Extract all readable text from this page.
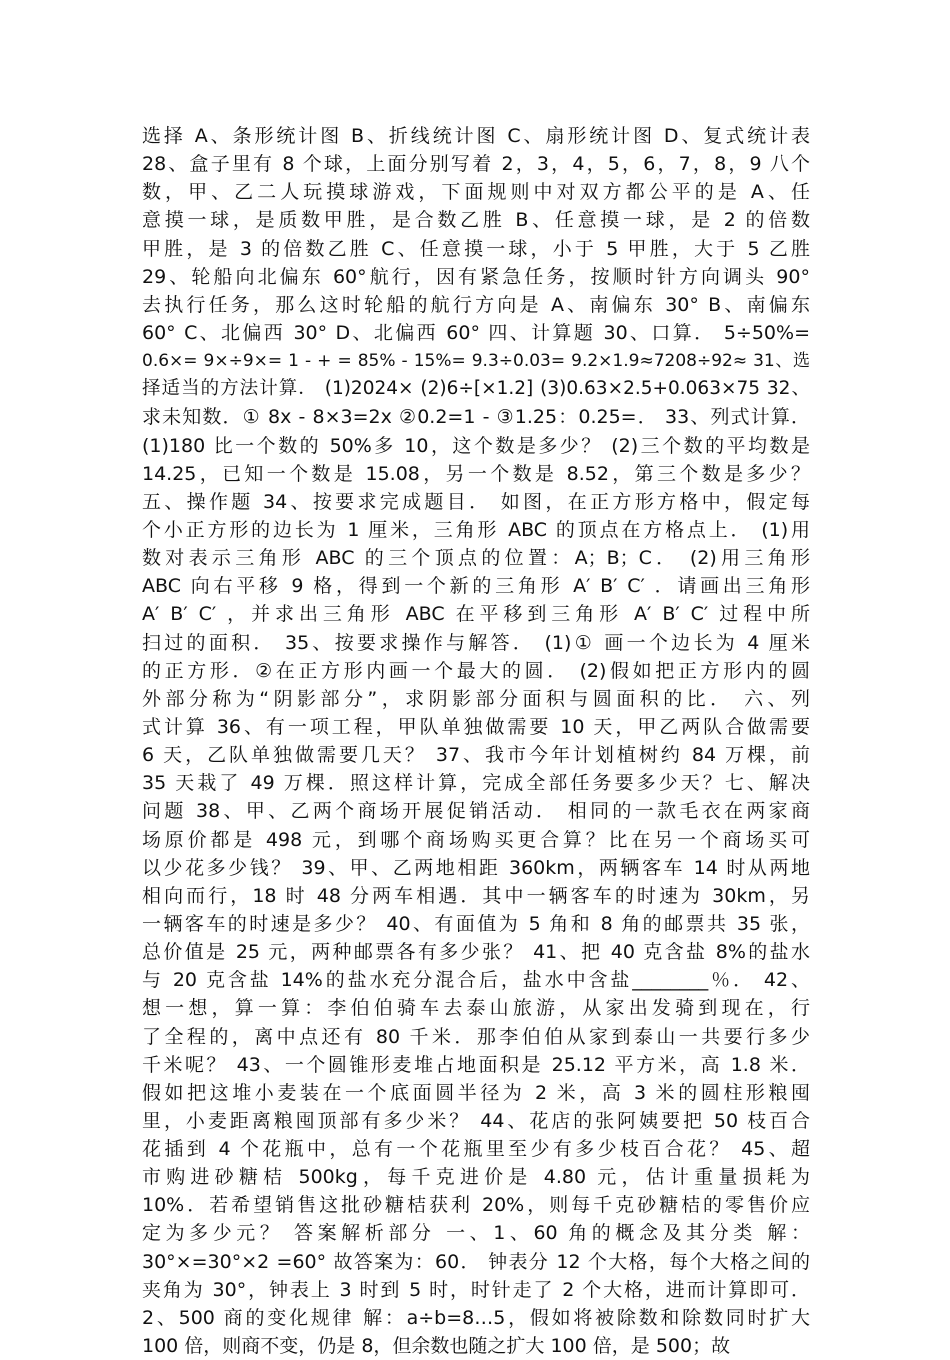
选择 A、条形统计图 B、折线统计图 C、扇形统计图 D、复式统计表
28、盒子里有 8 个球，上面分别写着 2，3，4，5，6，7，8，9 八个
数，甲、乙二人玩摸球游戏，下面规则中对双方都公平的是 A、任
意摸一球，是质数甲胜，是合数乙胜 B、任意摸一球，是 2 的倍数
甲胜，是 3 的倍数乙胜 C、任意摸一球，小于 5 甲胜，大于 5 乙胜
29、轮船向北偏东 60°航行，因有紧急任务，按顺时针方向调头 90°
去执行任务，那么这时轮船的航行方向是 A、南偏东 30° B、南偏东
60° C、北偏西 30° D、北偏西 60° 四、计算题 30、口算． 5÷50%=
0.6×= 9×÷9×= 1 - + = 85% - 15%= 9.3÷0.03= 9.2×1.9≈7208÷92≈ 31、选
择适当的方法计算． (1)2024× (2)6÷[×1.2] (3)0.63×2.5+0.063×75 32、
求未知数．① 8x - 8×3=2x ②0.2=1 - ③1.25：0.25=． 33、列式计算．
(1)180 比一个数的 50%多 10，这个数是多少？ (2)三个数的平均数是
14.25，已知一个数是 15.08，另一个数是 8.52，第三个数是多少？
五、操作题 34、按要求完成题目． 如图，在正方形方格中，假定每
个小正方形的边长为 1 厘米，三角形 ABC 的顶点在方格点上． (1)用
数对表示三角形 ABC 的三个顶点的位置：A；B；C． (2)用三角形
ABC 向右平移 9 格，得到一个新的三角形 A′ B′ C′ ．请画出三角形
A′ B′ C′ ，并求出三角形 ABC 在平移到三角形 A′ B′ C′ 过程中所
扫过的面积． 35、按要求操作与解答． (1)① 画一个边长为 4 厘米
的正方形．②在正方形内画一个最大的圆． (2)假如把正方形内的圆
外部分称为“阴影部分”，求阴影部分面积与圆面积的比． 六、列
式计算 36、有一项工程，甲队单独做需要 10 天，甲乙两队合做需要
6 天，乙队单独做需要几天？ 37、我市今年计划植树约 84 万棵，前
35 天栽了 49 万棵．照这样计算，完成全部任务要多少天？七、解决
问题 38、甲、乙两个商场开展促销活动． 相同的一款毛衣在两家商
场原价都是 498 元，到哪个商场购买更合算？比在另一个商场买可
以少花多少钱？ 39、甲、乙两地相距 360km，两辆客车 14 时从两地
相向而行，18 时 48 分两车相遇．其中一辆客车的时速为 30km，另
一辆客车的时速是多少？ 40、有面值为 5 角和 8 角的邮票共 35 张，
总价值是 25 元，两种邮票各有多少张？ 41、把 40 克含盐 8%的盐水
与 20 克含盐 14%的盐水充分混合后，盐水中含盐________％． 42、
想一想，算一算：李伯伯骑车去泰山旅游，从家出发骑到现在，行
了全程的，离中点还有 80 千米．那李伯伯从家到泰山一共要行多少
千米呢？ 43、一个圆锥形麦堆占地面积是 25.12 平方米，高 1.8 米．
假如把这堆小麦装在一个底面圆半径为 2 米，高 3 米的圆柱形粮囤
里，小麦距离粮囤顶部有多少米？ 44、花店的张阿姨要把 50 枝百合
花插到 4 个花瓶中，总有一个花瓶里至少有多少枝百合花？ 45、超
市购进砂糖桔 500kg，每千克进价是 4.80 元，估计重量损耗为
10%．若希望销售这批砂糖桔获利 20%，则每千克砂糖桔的零售价应
定为多少元？ 答案解析部分 一、1、60 角的概念及其分类 解：
30°×=30°×2 =60° 故答案为：60． 钟表分 12 个大格，每个大格之间的
夹角为 30°，钟表上 3 时到 5 时，时针走了 2 个大格，进而计算即可．
2、500 商的变化规律 解：a÷b=8…5，假如将被除数和除数同时扩大
100 倍，则商不变，仍是 8，但余数也随之扩大 100 倍，是 500；故
